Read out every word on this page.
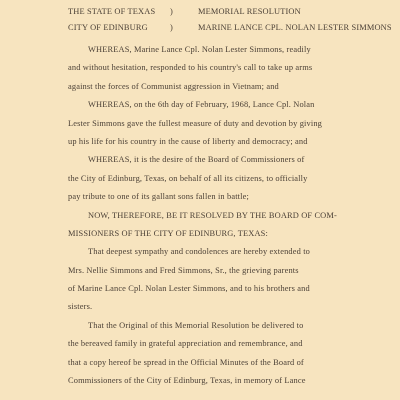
THE STATE OF TEXAS )	MEMORIAL RESOLUTION
CITY OF EDINBURG	)	MARINE LANCE CPL. NOLAN LESTER SIMMONS
WHEREAS, Marine Lance Cpl. Nolan Lester Simmons, readily
and without hesitation, responded to his country's call to take up arms
against the forces of Communist aggression in Vietnam; and
WHEREAS, on the 6th day of February, 1968, Lance Cpl. Nolan
Lester Simmons gave the fullest measure of duty and devotion by giving
up his life for his country in the cause of liberty and democracy; and
WHEREAS, it is the desire of the Board of Commissioners of
the City of Edinburg, Texas, on behalf of all its citizens, to officially
pay tribute to one of its gallant sons fallen in battle;
NOW, THEREFORE, BE IT RESOLVED BY THE BOARD OF COM-
MISSIONERS OF THE CITY OF EDINBURG, TEXAS:
That deepest sympathy and condolences are hereby extended to
Mrs. Nellie Simmons and Fred Simmons, Sr., the grieving parents
of Marine Lance Cpl. Nolan Lester Simmons, and to his brothers and
sisters.
That the Original of this Memorial Resolution be delivered to
the bereaved family in grateful appreciation and remembrance, and
that a copy hereof be spread in the Official Minutes of the Board of
Commissioners of the City of Edinburg, Texas, in memory of Lance
